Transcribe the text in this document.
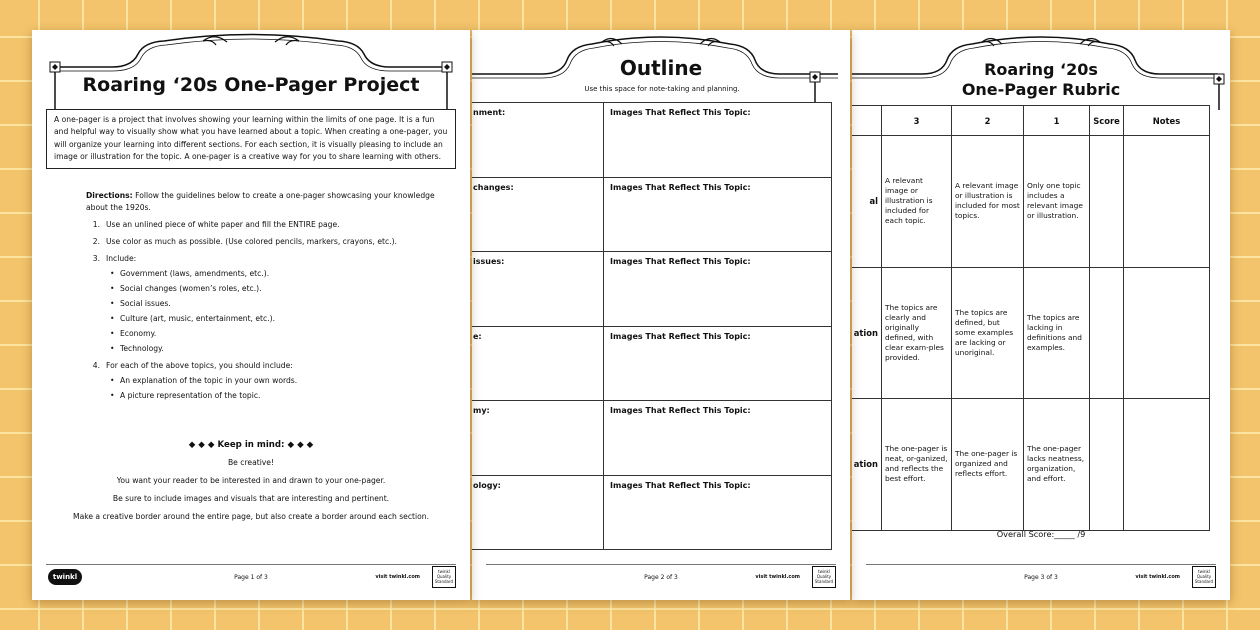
Roaring ‘20s
One-Pager Rubric
	3	2	1	Score	Notes
al	A relevant image or illustration is included for each topic.	A relevant image or illustration is included for most topics.	Only one topic includes a relevant image or illustration.		
ation	The topics are clearly and originally defined, with clear exam-ples provided.	The topics are defined, but some examples are lacking or unoriginal.	The topics are lacking in definitions and examples.		
ation	The one-pager is neat, or-ganized, and reflects the best effort.	The one-pager is organized and reflects effort.	The one-pager lacks neatness, organization, and effort.		
Overall Score:_____ /9
Page 3 of 3	visit twinkl.com
twinkl Quality Standard
Outline
Use this space for note-taking and planning.
nment:	Images That Reflect This Topic:
changes:	Images That Reflect This Topic:
issues:	Images That Reflect This Topic:
e:	Images That Reflect This Topic:
my:	Images That Reflect This Topic:
ology:	Images That Reflect This Topic:
Page 2 of 3	visit twinkl.com
twinkl Quality Standard
Roaring ‘20s One-Pager Project
A one-pager is a project that involves showing your learning within the limits of one page. It is a fun and helpful way to visually show what you have learned about a topic. When creating a one-pager, you will organize your learning into different sections. For each section, it is visually pleasing to include an image or illustration for the topic. A one-pager is a creative way for you to share learning with others.
Directions: Follow the guidelines below to create a one-pager showcasing your knowledge about the 1920s.
1. Use an unlined piece of white paper and fill the ENTIRE page.
2. Use color as much as possible. (Use colored pencils, markers, crayons, etc.).
3. Include:
• Government (laws, amendments, etc.).
• Social changes (women’s roles, etc.).
• Social issues.
• Culture (art, music, entertainment, etc.).
• Economy.
• Technology.
4. For each of the above topics, you should include:
• An explanation of the topic in your own words.
• A picture representation of the topic.
◆ ◆ ◆ Keep in mind: ◆ ◆ ◆
Be creative!
You want your reader to be interested in and drawn to your one-pager.
Be sure to include images and visuals that are interesting and pertinent.
Make a creative border around the entire page, but also create a border around each section.
twinkl	Page 1 of 3	visit twinkl.com
twinkl Quality Standard
